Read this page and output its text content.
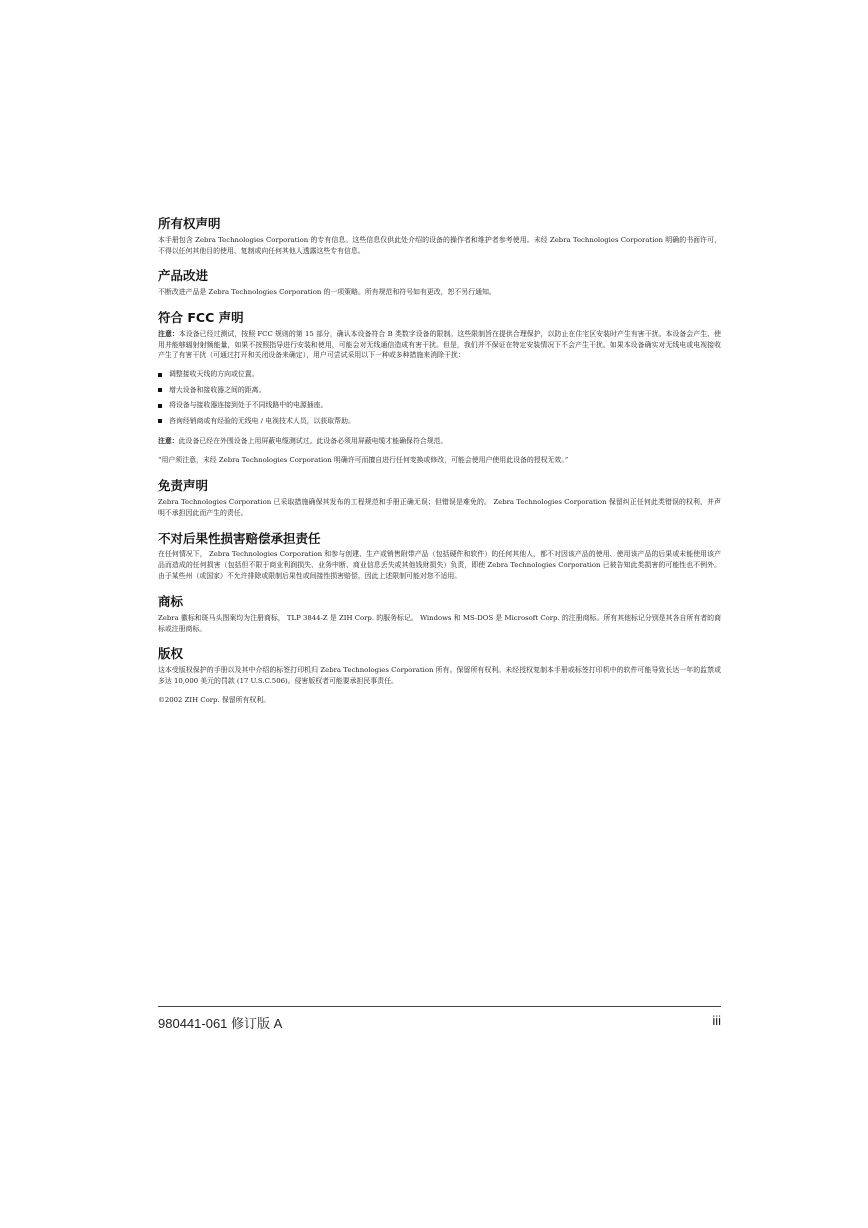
所有权声明

本手册包含 Zebra Technologies Corporation 的专有信息。这些信息仅供此处介绍的设备的操作者和维护者参考使用。未经 Zebra Technologies Corporation 明确的书面许可，不得以任何其他目的使用、复制或向任何其他人透露这些专有信息。

产品改进

不断改进产品是 Zebra Technologies Corporation 的一项策略。所有规范和符号如有更改，恕不另行通知。

符合 FCC 声明

注意：本设备已经过测试，按照 FCC 规则的第 15 部分，确认本设备符合 B 类数字设备的限制。这些限制旨在提供合理保护，以防止在住宅区安装时产生有害干扰。本设备会产生、使用并能够辐射射频能量，如果不按照指导进行安装和使用，可能会对无线通信造成有害干扰。但是，我们并不保证在特定安装情况下不会产生干扰。如果本设备确实对无线电或电视接收产生了有害干扰（可通过打开和关闭设备来确定），用户可尝试采用以下一种或多种措施来消除干扰：

调整接收天线的方向或位置。
增大设备和接收器之间的距离。
将设备与接收器连接到处于不同线路中的电源插座。
咨询经销商或有经验的无线电 / 电视技术人员，以获取帮助。

注意：此设备已经在外围设备上用屏蔽电缆测试过。此设备必须用屏蔽电缆才能确保符合规范。

“用户须注意，未经 Zebra Technologies Corporation 明确许可而擅自进行任何变换或修改，可能会使用户使用此设备的授权无效。”

免责声明

Zebra Technologies Corporation 已采取措施确保其发布的工程规范和手册正确无误；但错误是难免的。 Zebra Technologies Corporation 保留纠正任何此类错误的权利，并声明不承担因此而产生的责任。

不对后果性损害赔偿承担责任

在任何情况下， Zebra Technologies Corporation 和参与创建、生产或销售附带产品（包括硬件和软件）的任何其他人，都不对因该产品的使用、使用该产品的后果或未能使用该产品而造成的任何损害（包括但不限于商业利润损失、业务中断、商业信息丢失或其他钱财损失）负责，即使 Zebra Technologies Corporation 已被告知此类损害的可能性也不例外。由于某些州（或国家）不允许排除或限制后果性或间接性损害赔偿，因此上述限制可能对您不适用。

商标

Zebra 徽标和斑马头图案均为注册商标， TLP 3844-Z 是 ZIH Corp. 的服务标记。 Windows 和 MS-DOS 是 Microsoft Corp. 的注册商标。所有其他标记分别是其各自所有者的商标或注册商标。

版权

这本受版权保护的手册以及其中介绍的标签打印机归 Zebra Technologies Corporation 所有。保留所有权利。未经授权复制本手册或标签打印机中的软件可能导致长达一年的监禁或多达 10,000 美元的罚款 (17 U.S.C.506)。侵害版权者可能要承担民事责任。

©2002 ZIH Corp. 保留所有权利。

980441-061 修订版 A	iii
